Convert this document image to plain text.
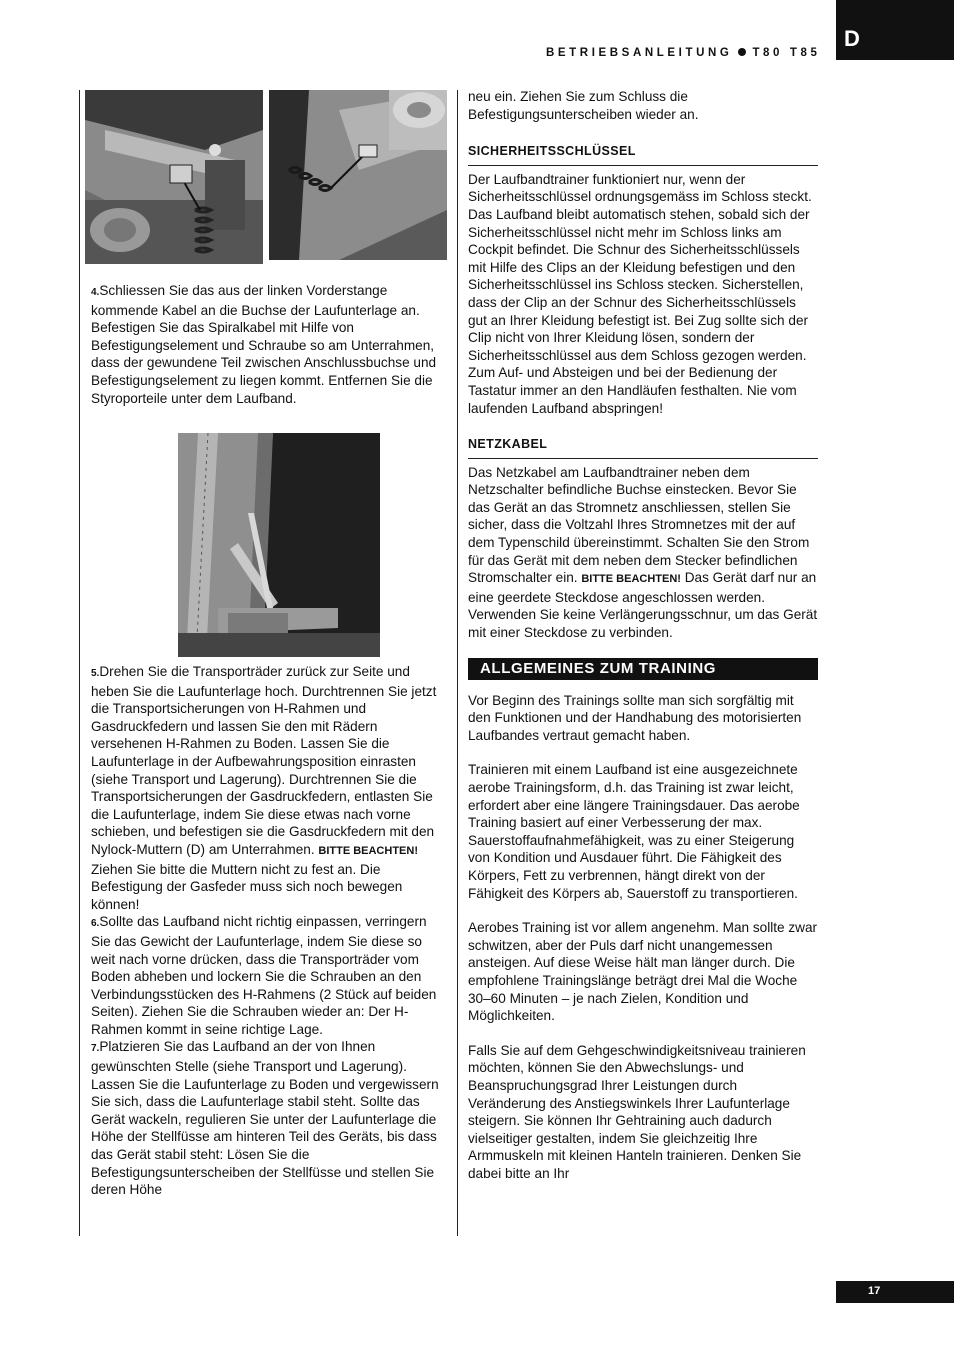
D
BETRIEBSANLEITUNG T80 T85

4.Schliessen Sie das aus der linken Vorderstange kommende Kabel an die Buchse der Laufunterlage an. Befestigen Sie das Spiralkabel mit Hilfe von Befestigungselement und Schraube so am Unterrahmen, dass der gewundene Teil zwischen Anschlussbuchse und Befestigungselement zu liegen kommt. Entfernen Sie die Styroporteile unter dem Laufband.

5.Drehen Sie die Transporträder zurück zur Seite und heben Sie die Laufunterlage hoch. Durchtrennen Sie jetzt die Transportsicherungen von H-Rahmen und Gasdruckfedern und lassen Sie den mit Rädern versehenen H-Rahmen zu Boden. Lassen Sie die Laufunterlage in der Aufbewahrungsposition einrasten (siehe Transport und Lagerung). Durchtrennen Sie die Transportsicherungen der Gasdruckfedern, entlasten Sie die Laufunterlage, indem Sie diese etwas nach vorne schieben, und befestigen sie die Gasdruckfedern mit den Nylock-Muttern (D) am Unterrahmen. BITTE BEACHTEN! Ziehen Sie bitte die Muttern nicht zu fest an. Die Befestigung der Gasfeder muss sich noch bewegen können!

6.Sollte das Laufband nicht richtig einpassen, verringern Sie das Gewicht der Laufunterlage, indem Sie diese so weit nach vorne drücken, dass die Transporträder vom Boden abheben und lockern Sie die Schrauben an den Verbindungsstücken des H-Rahmens (2 Stück auf beiden Seiten). Ziehen Sie die Schrauben wieder an: Der H-Rahmen kommt in seine richtige Lage.

7.Platzieren Sie das Laufband an der von Ihnen gewünschten Stelle (siehe Transport und Lagerung). Lassen Sie die Laufunterlage zu Boden und vergewissern Sie sich, dass die Laufunterlage stabil steht. Sollte das Gerät wackeln, regulieren Sie unter der Laufunterlage die Höhe der Stellfüsse am hinteren Teil des Geräts, bis dass das Gerät stabil steht: Lösen Sie die Befestigungsunterscheiben der Stellfüsse und stellen Sie deren Höhe

neu ein. Ziehen Sie zum Schluss die Befestigungsunterscheiben wieder an.

SICHERHEITSSCHLÜSSEL

Der Laufbandtrainer funktioniert nur, wenn der Sicherheitsschlüssel ordnungsgemäss im Schloss steckt. Das Laufband bleibt automatisch stehen, sobald sich der Sicherheitsschlüssel nicht mehr im Schloss links am Cockpit befindet. Die Schnur des Sicherheitsschlüssels mit Hilfe des Clips an der Kleidung befestigen und den Sicherheitsschlüssel ins Schloss stecken. Sicherstellen, dass der Clip an der Schnur des Sicherheitsschlüssels gut an Ihrer Kleidung befestigt ist. Bei Zug sollte sich der Clip nicht von Ihrer Kleidung lösen, sondern der Sicherheitsschlüssel aus dem Schloss gezogen werden. Zum Auf- und Absteigen und bei der Bedienung der Tastatur immer an den Handläufen festhalten. Nie vom laufenden Laufband abspringen!

NETZKABEL

Das Netzkabel am Laufbandtrainer neben dem Netzschalter befindliche Buchse einstecken. Bevor Sie das Gerät an das Stromnetz anschliessen, stellen Sie sicher, dass die Voltzahl Ihres Stromnetzes mit der auf dem Typenschild übereinstimmt. Schalten Sie den Strom für das Gerät mit dem neben dem Stecker befindlichen Stromschalter ein. BITTE BEACHTEN! Das Gerät darf nur an eine geerdete Steckdose angeschlossen werden. Verwenden Sie keine Verlängerungsschnur, um das Gerät mit einer Steckdose zu verbinden.

ALLGEMEINES ZUM TRAINING

Vor Beginn des Trainings sollte man sich sorgfältig mit den Funktionen und der Handhabung des motorisierten Laufbandes vertraut gemacht haben.

Trainieren mit einem Laufband ist eine ausgezeichnete aerobe Trainingsform, d.h. das Training ist zwar leicht, erfordert aber eine längere Trainingsdauer. Das aerobe Training basiert auf einer Verbesserung der max. Sauerstoffaufnahmefähigkeit, was zu einer Steigerung von Kondition und Ausdauer führt. Die Fähigkeit des Körpers, Fett zu verbrennen, hängt direkt von der Fähigkeit des Körpers ab, Sauerstoff zu transportieren.

Aerobes Training ist vor allem angenehm. Man sollte zwar schwitzen, aber der Puls darf nicht unangemessen ansteigen. Auf diese Weise hält man länger durch. Die empfohlene Trainingslänge beträgt drei Mal die Woche 30–60 Minuten – je nach Zielen, Kondition und Möglichkeiten.

Falls Sie auf dem Gehgeschwindigkeitsniveau trainieren möchten, können Sie den Abwechslungs- und Beanspruchungsgrad Ihrer Leistungen durch Veränderung des Anstiegswinkels Ihrer Laufunterlage steigern. Sie können Ihr Gehtraining auch dadurch vielseitiger gestalten, indem Sie gleichzeitig Ihre Armmuskeln mit kleinen Hanteln trainieren. Denken Sie dabei bitte an Ihr

17
